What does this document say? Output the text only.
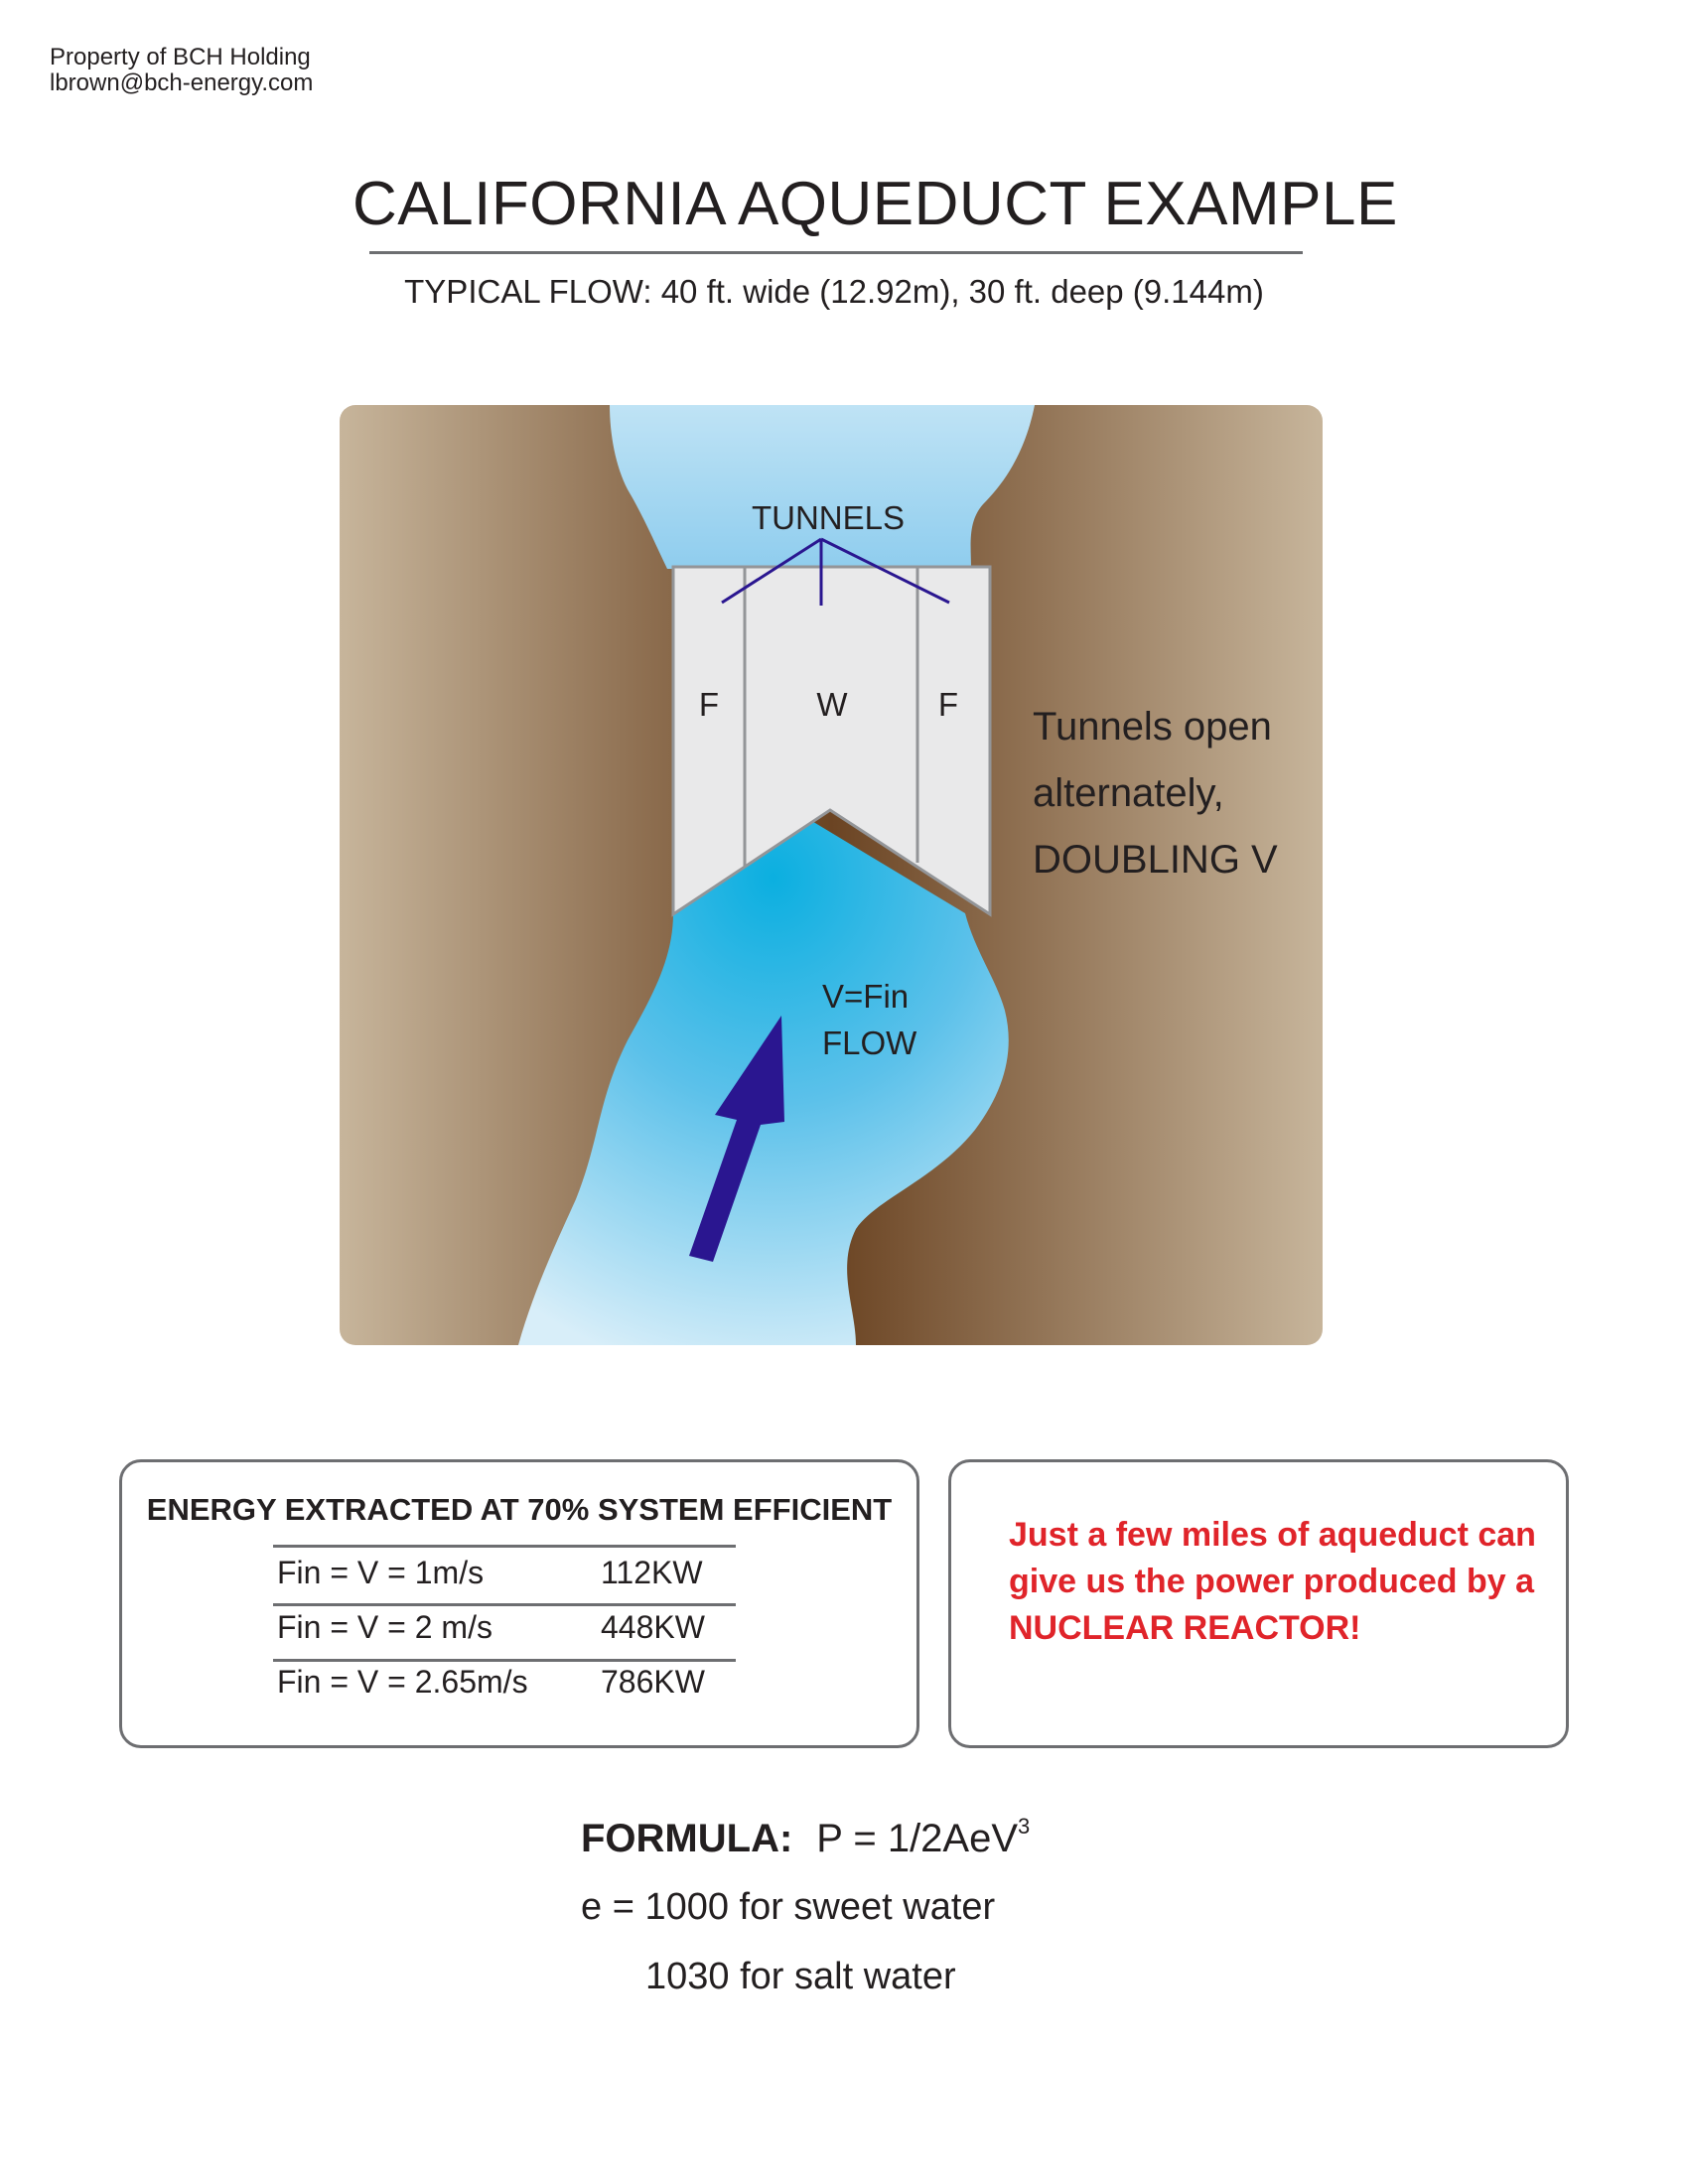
Property of BCH Holding
lbrown@bch-energy.com
CALIFORNIA AQUEDUCT EXAMPLE
TYPICAL FLOW: 40 ft. wide (12.92m), 30 ft. deep (9.144m)
TUNNELS
F	W	F
Tunnels open
alternately,
DOUBLING V
V=Fin
FLOW
ENERGY EXTRACTED AT 70% SYSTEM EFFICIENT
Fin = V = 1m/s	112KW
Fin = V = 2 m/s	448KW
Fin = V = 2.65m/s 786KW
Just a few miles of aqueduct can give us the power produced by a NUCLEAR REACTOR!
FORMULA: P = 1/2AeV$^3$
e = 1000 for sweet water
1030 for salt water
